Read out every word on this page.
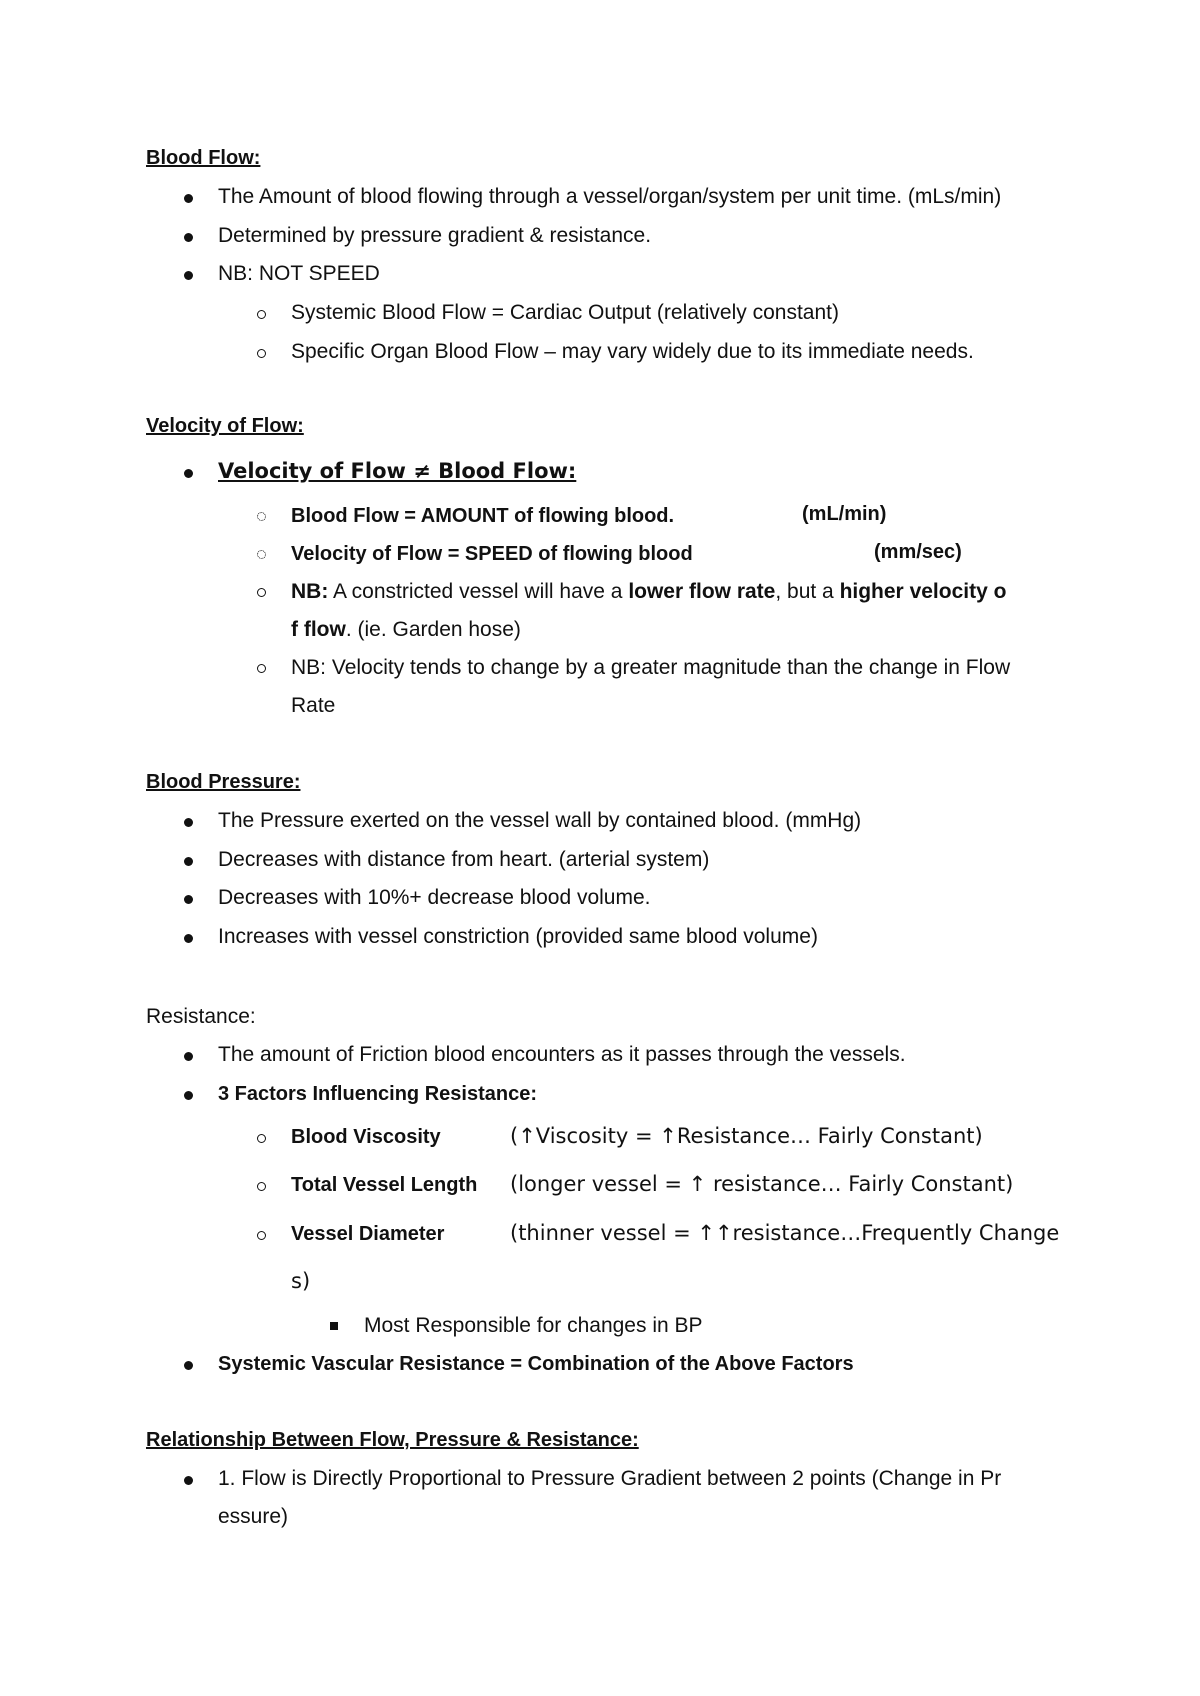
Blood Flow:
The Amount of blood flowing through a vessel/organ/system per unit time. (mLs/min)
Determined by pressure gradient & resistance.
NB: NOT SPEED
Systemic Blood Flow = Cardiac Output (relatively constant)
Specific Organ Blood Flow – may vary widely due to its immediate needs.
Velocity of Flow:
Velocity of Flow ≠ Blood Flow:
Blood Flow = AMOUNT of flowing blood.	(mL/min)
Velocity of Flow = SPEED of flowing blood	(mm/sec)
NB: A constricted vessel will have a lower flow rate, but a higher velocity o
f flow. (ie. Garden hose)
NB: Velocity tends to change by a greater magnitude than the change in Flow
Rate
Blood Pressure:
The Pressure exerted on the vessel wall by contained blood. (mmHg)
Decreases with distance from heart. (arterial system)
Decreases with 10%+ decrease blood volume.
Increases with vessel constriction (provided same blood volume)
Resistance:
The amount of Friction blood encounters as it passes through the vessels.
3 Factors Influencing Resistance:
Blood Viscosity	(↑Viscosity = ↑Resistance… Fairly Constant)
Total Vessel Length (longer vessel = ↑ resistance… Fairly Constant)
Vessel Diameter	(thinner vessel = ↑↑resistance…Frequently Change
s)
Most Responsible for changes in BP
Systemic Vascular Resistance = Combination of the Above Factors
Relationship Between Flow, Pressure & Resistance:
1. Flow is Directly Proportional to Pressure Gradient between 2 points (Change in Pr
essure)
